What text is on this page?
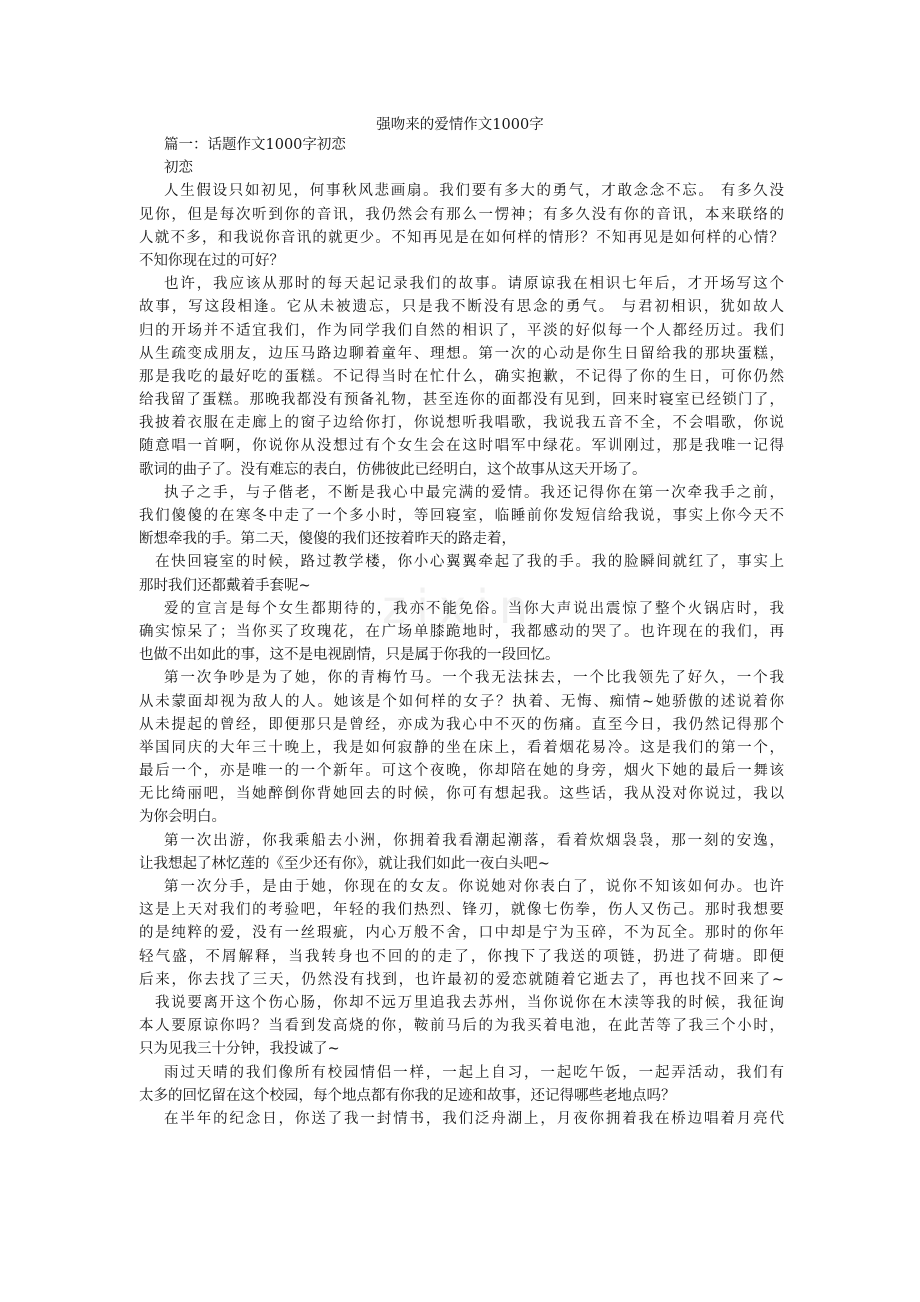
强吻来的爱情作文1000字
zixin
篇一：话题作文1000字初恋
初恋
人生假设只如初见，何事秋风悲画扇。我们要有多大的勇气，才敢念念不忘。 有多久没
见你，但是每次听到你的音讯，我仍然会有那么一愣神；有多久没有你的音讯，本来联络的
人就不多，和我说你音讯的就更少。不知再见是在如何样的情形？不知再见是如何样的心情？
不知你现在过的可好？
也许，我应该从那时的每天起记录我们的故事。请原谅我在相识七年后，才开场写这个
故事，写这段相逢。它从未被遗忘，只是我不断没有思念的勇气。 与君初相识，犹如故人
归的开场并不适宜我们，作为同学我们自然的相识了，平淡的好似每一个人都经历过。我们
从生疏变成朋友，边压马路边聊着童年、理想。第一次的心动是你生日留给我的那块蛋糕，
那是我吃的最好吃的蛋糕。不记得当时在忙什么，确实抱歉，不记得了你的生日，可你仍然
给我留了蛋糕。那晚我都没有预备礼物，甚至连你的面都没有见到，回来时寝室已经锁门了，
我披着衣服在走廊上的窗子边给你打，你说想听我唱歌，我说我五音不全，不会唱歌，你说
随意唱一首啊，你说你从没想过有个女生会在这时唱军中绿花。军训刚过，那是我唯一记得
歌词的曲子了。没有难忘的表白，仿佛彼此已经明白，这个故事从这天开场了。
执子之手，与子偕老，不断是我心中最完满的爱情。我还记得你在第一次牵我手之前，
我们傻傻的在寒冬中走了一个多小时，等回寝室，临睡前你发短信给我说，事实上你今天不
断想牵我的手。第二天，傻傻的我们还按着昨天的路走着，
在快回寝室的时候，路过教学楼，你小心翼翼牵起了我的手。我的脸瞬间就红了，事实上
那时我们还都戴着手套呢~
爱的宣言是每个女生都期待的，我亦不能免俗。当你大声说出震惊了整个火锅店时，我
确实惊呆了；当你买了玫瑰花，在广场单膝跪地时，我都感动的哭了。也许现在的我们，再
也做不出如此的事，这不是电视剧情，只是属于你我的一段回忆。
第一次争吵是为了她，你的青梅竹马。一个我无法抹去，一个比我领先了好久，一个我
从未蒙面却视为敌人的人。她该是个如何样的女子？执着、无悔、痴情~她骄傲的述说着你
从未提起的曾经，即便那只是曾经，亦成为我心中不灭的伤痛。直至今日，我仍然记得那个
举国同庆的大年三十晚上，我是如何寂静的坐在床上，看着烟花易冷。这是我们的第一个，
最后一个，亦是唯一的一个新年。可这个夜晚，你却陪在她的身旁，烟火下她的最后一舞该
无比绮丽吧，当她醉倒你背她回去的时候，你可有想起我。这些话，我从没对你说过，我以
为你会明白。
第一次出游，你我乘船去小洲，你拥着我看潮起潮落，看着炊烟袅袅，那一刻的安逸，
让我想起了林忆莲的《至少还有你》，就让我们如此一夜白头吧~
第一次分手，是由于她，你现在的女友。你说她对你表白了，说你不知该如何办。也许
这是上天对我们的考验吧，年轻的我们热烈、锋刃，就像七伤拳，伤人又伤己。那时我想要
的是纯粹的爱，没有一丝瑕疵，内心万般不舍，口中却是宁为玉碎，不为瓦全。那时的你年
轻气盛，不屑解释，当我转身也不回的的走了，你拽下了我送的项链，扔进了荷塘。即便
后来，你去找了三天，仍然没有找到，也许最初的爱恋就随着它逝去了，再也找不回来了~
我说要离开这个伤心肠，你却不远万里追我去苏州，当你说你在木渎等我的时候，我征询
本人要原谅你吗？当看到发高烧的你，鞍前马后的为我买着电池，在此苦等了我三个小时，
只为见我三十分钟，我投诚了~
雨过天晴的我们像所有校园情侣一样，一起上自习，一起吃午饭，一起弄活动，我们有
太多的回忆留在这个校园，每个地点都有你我的足迹和故事，还记得哪些老地点吗？
在半年的纪念日，你送了我一封情书，我们泛舟湖上，月夜你拥着我在桥边唱着月亮代
